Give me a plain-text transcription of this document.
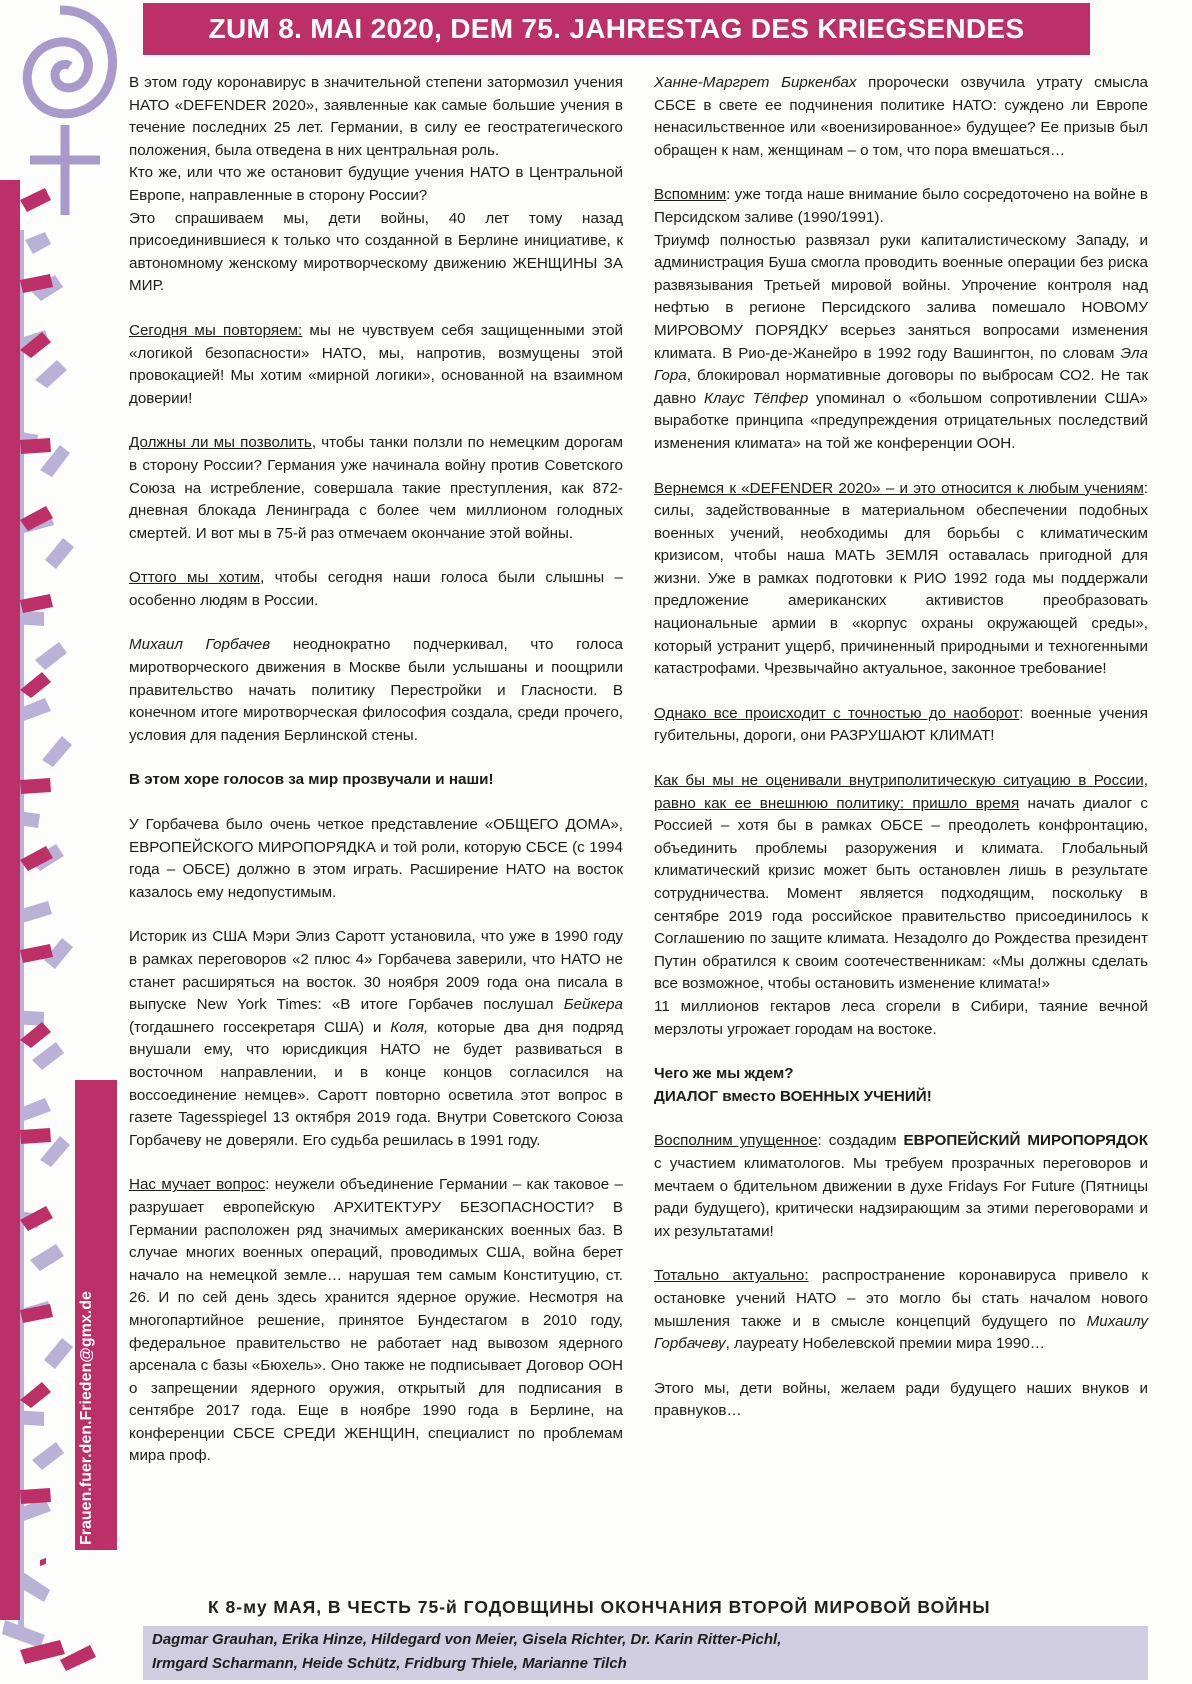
Frauen.fuer.den.Frieden@gmx.de
ZUM 8. MAI 2020, DEM 75. JAHRESTAG DES KRIEGSENDES

В этом году коронавирус в значительной степени затормозил учения НАТО «DEFENDER 2020», заявленные как самые большие учения в течение последних 25 лет. Германии, в силу ее геостратегического положения, была отведена в них центральная роль.

Кто же, или что же остановит будущие учения НАТО в Центральной Европе, направленные в сторону России?

Это спрашиваем мы, дети войны, 40 лет тому назад присоединившиеся к только что созданной в Берлине инициативе, к автономному женскому миротворческому движению ЖЕНЩИНЫ ЗА МИР.

Сегодня мы повторяем: мы не чувствуем себя защищенными этой «логикой безопасности» НАТО, мы, напротив, возмущены этой провокацией! Мы хотим «мирной логики», основанной на взаимном доверии!

Должны ли мы позволить, чтобы танки ползли по немецким дорогам в сторону России? Германия уже начинала войну против Советского Союза на истребление, совершала такие преступления, как 872-дневная блокада Ленинграда с более чем миллионом голодных смертей. И вот мы в 75-й раз отмечаем окончание этой войны.

Оттого мы хотим, чтобы сегодня наши голоса были слышны – особенно людям в России.

Михаил Горбачев неоднократно подчеркивал, что голоса миротворческого движения в Москве были услышаны и поощрили правительство начать политику Перестройки и Гласности. В конечном итоге миротворческая философия создала, среди прочего, условия для падения Берлинской стены.

В этом хоре голосов за мир прозвучали и наши!

У Горбачева было очень четкое представление «ОБЩЕГО ДОМА», ЕВРОПЕЙСКОГО МИРОПОРЯДКА и той роли, которую СБСЕ (с 1994 года – ОБСЕ) должно в этом играть. Расширение НАТО на восток казалось ему недопустимым.

Историк из США Мэри Элиз Саротт установила, что уже в 1990 году в рамках переговоров «2 плюс 4» Горбачева заверили, что НАТО не станет расширяться на восток. 30 ноября 2009 года она писала в выпуске New York Times: «В итоге Горбачев послушал Бейкера (тогдашнего госсекретаря США) и Коля, которые два дня подряд внушали ему, что юрисдикция НАТО не будет развиваться в восточном направлении, и в конце концов согласился на воссоединение немцев». Саротт повторно осветила этот вопрос в газете Tagesspiegel 13 октября 2019 года. Внутри Советского Союза Горбачеву не доверяли. Его судьба решилась в 1991 году.

Нас мучает вопрос: неужели объединение Германии – как таковое – разрушает европейскую АРХИТЕКТУРУ БЕЗОПАСНОСТИ? В Германии расположен ряд значимых американских военных баз. В случае многих военных операций, проводимых США, война берет начало на немецкой земле… нарушая тем самым Конституцию, ст. 26. И по сей день здесь хранится ядерное оружие. Несмотря на многопартийное решение, принятое Бундестагом в 2010 году, федеральное правительство не работает над вывозом ядерного арсенала с базы «Бюхель». Оно также не подписывает Договор ООН о запрещении ядерного оружия, открытый для подписания в сентябре 2017 года. Еще в ноябре 1990 года в Берлине, на конференции СБСЕ СРЕДИ ЖЕНЩИН, специалист по проблемам мира проф.

Ханне-Маргрет Биркенбах пророчески озвучила утрату смысла СБСЕ в свете ее подчинения политике НАТО: суждено ли Европе ненасильственное или «военизированное» будущее? Ее призыв был обращен к нам, женщинам – о том, что пора вмешаться…

Вспомним: уже тогда наше внимание было сосредоточено на войне в Персидском заливе (1990/1991).

Триумф полностью развязал руки капиталистическому Западу, и администрация Буша смогла проводить военные операции без риска развязывания Третьей мировой войны. Упрочение контроля над нефтью в регионе Персидского залива помешало НОВОМУ МИРОВОМУ ПОРЯДКУ всерьез заняться вопросами изменения климата. В Рио-де-Жанейро в 1992 году Вашингтон, по словам Эла Гора, блокировал нормативные договоры по выбросам СО2. Не так давно Клаус Тёпфер упоминал о «большом сопротивлении США» выработке принципа «предупреждения отрицательных последствий изменения климата» на той же конференции ООН.

Вернемся к «DEFENDER 2020» – и это относится к любым учениям: силы, задействованные в материальном обеспечении подобных военных учений, необходимы для борьбы с климатическим кризисом, чтобы наша МАТЬ ЗЕМЛЯ оставалась пригодной для жизни. Уже в рамках подготовки к РИО 1992 года мы поддержали предложение американских активистов преобразовать национальные армии в «корпус охраны окружающей среды», который устранит ущерб, причиненный природными и техногенными катастрофами. Чрезвычайно актуальное, законное требование!

Однако все происходит с точностью до наоборот: военные учения губительны, дороги, они РАЗРУШАЮТ КЛИМАТ!

Как бы мы не оценивали внутриполитическую ситуацию в России, равно как ее внешнюю политику: пришло время начать диалог с Россией – хотя бы в рамках ОБСЕ – преодолеть конфронтацию, объединить проблемы разоружения и климата. Глобальный климатический кризис может быть остановлен лишь в результате сотрудничества. Момент является подходящим, поскольку в сентябре 2019 года российское правительство присоединилось к Соглашению по защите климата. Незадолго до Рождества президент Путин обратился к своим соотечественникам: «Мы должны сделать все возможное, чтобы остановить изменение климата!»

11 миллионов гектаров леса сгорели в Сибири, таяние вечной мерзлоты угрожает городам на востоке.

Чего же мы ждем?

ДИАЛОГ вместо ВОЕННЫХ УЧЕНИЙ!

Восполним упущенное: создадим ЕВРОПЕЙСКИЙ МИРОПОРЯДОК с участием климатологов. Мы требуем прозрачных переговоров и мечтаем о бдительном движении в духе Fridays For Future (Пятницы ради будущего), критически надзирающим за этими переговорами и их результатами!

Тотально актуально: распространение коронавируса привело к остановке учений НАТО – это могло бы стать началом нового мышления также и в смысле концепций будущего по Михаилу Горбачеву, лауреату Нобелевской премии мира 1990…

Этого мы, дети войны, желаем ради будущего наших внуков и правнуков…

К 8-му МАЯ, В ЧЕСТЬ 75-й ГОДОВЩИНЫ ОКОНЧАНИЯ ВТОРОЙ МИРОВОЙ ВОЙНЫ
Dagmar Grauhan, Erika Hinze, Hildegard von Meier, Gisela Richter, Dr. Karin Ritter-Pichl,
Irmgard Scharmann, Heide Schütz, Fridburg Thiele, Marianne Tilch
